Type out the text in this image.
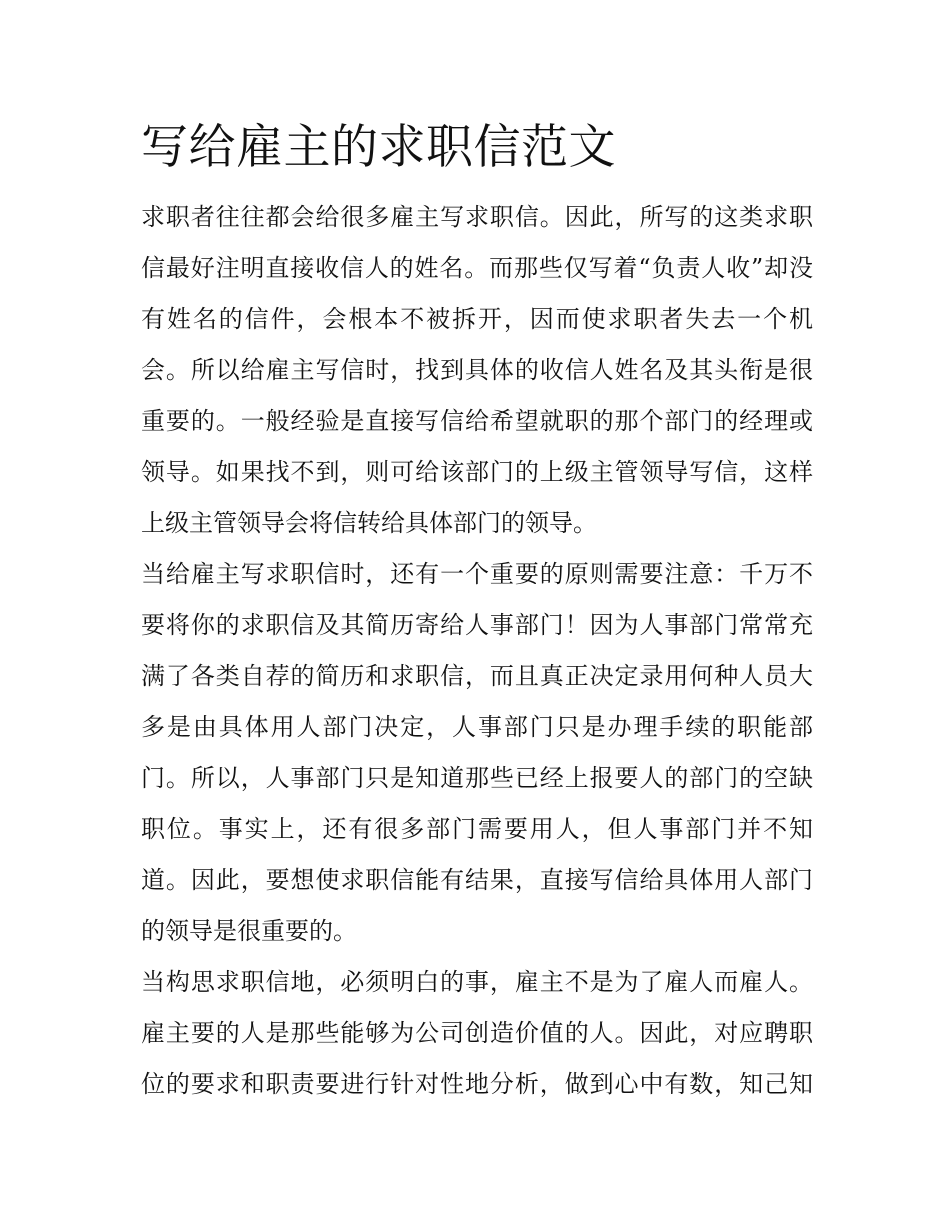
写给雇主的求职信范文

求职者往往都会给很多雇主写求职信。因此，所写的这类求职
信最好注明直接收信人的姓名。而那些仅写着“负责人收”却没
有姓名的信件，会根本不被拆开，因而使求职者失去一个机
会。所以给雇主写信时，找到具体的收信人姓名及其头衔是很
重要的。一般经验是直接写信给希望就职的那个部门的经理或
领导。如果找不到，则可给该部门的上级主管领导写信，这样
上级主管领导会将信转给具体部门的领导。

当给雇主写求职信时，还有一个重要的原则需要注意：千万不
要将你的求职信及其简历寄给人事部门！因为人事部门常常充
满了各类自荐的简历和求职信，而且真正决定录用何种人员大
多是由具体用人部门决定，人事部门只是办理手续的职能部
门。所以，人事部门只是知道那些已经上报要人的部门的空缺
职位。事实上，还有很多部门需要用人，但人事部门并不知
道。因此，要想使求职信能有结果，直接写信给具体用人部门
的领导是很重要的。

当构思求职信地，必须明白的事，雇主不是为了雇人而雇人。
雇主要的人是那些能够为公司创造价值的人。因此，对应聘职
位的要求和职责要进行针对性地分析，做到心中有数，知己知
